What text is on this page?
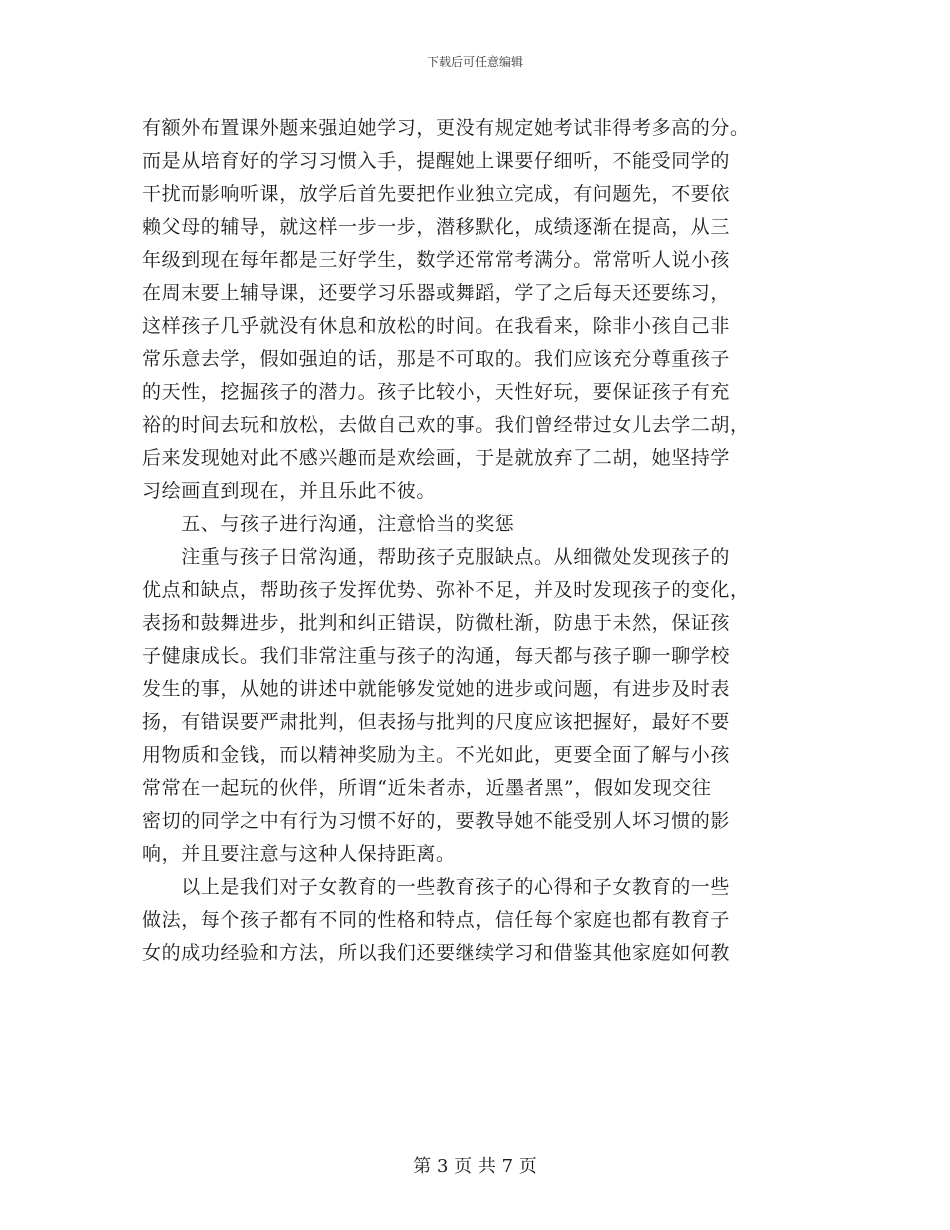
下载后可任意编辑
有额外布置课外题来强迫她学习，更没有规定她考试非得考多高的分。
而是从培育好的学习习惯入手，提醒她上课要仔细听，不能受同学的
干扰而影响听课，放学后首先要把作业独立完成，有问题先，不要依
赖父母的辅导，就这样一步一步，潜移默化，成绩逐渐在提高，从三
年级到现在每年都是三好学生，数学还常常考满分。常常听人说小孩
在周末要上辅导课，还要学习乐器或舞蹈，学了之后每天还要练习，
这样孩子几乎就没有休息和放松的时间。在我看来，除非小孩自己非
常乐意去学，假如强迫的话，那是不可取的。我们应该充分尊重孩子
的天性，挖掘孩子的潜力。孩子比较小，天性好玩，要保证孩子有充
裕的时间去玩和放松，去做自己欢的事。我们曾经带过女儿去学二胡，
后来发现她对此不感兴趣而是欢绘画，于是就放弃了二胡，她坚持学
习绘画直到现在，并且乐此不彼。
　　五、与孩子进行沟通，注意恰当的奖惩
　　注重与孩子日常沟通，帮助孩子克服缺点。从细微处发现孩子的
优点和缺点，帮助孩子发挥优势、弥补不足，并及时发现孩子的变化，
表扬和鼓舞进步，批判和纠正错误，防微杜渐，防患于未然，保证孩
子健康成长。我们非常注重与孩子的沟通，每天都与孩子聊一聊学校
发生的事，从她的讲述中就能够发觉她的进步或问题，有进步及时表
扬，有错误要严肃批判，但表扬与批判的尺度应该把握好，最好不要
用物质和金钱，而以精神奖励为主。不光如此，更要全面了解与小孩
常常在一起玩的伙伴，所谓“近朱者赤，近墨者黑”，假如发现交往
密切的同学之中有行为习惯不好的，要教导她不能受别人坏习惯的影
响，并且要注意与这种人保持距离。
　　以上是我们对子女教育的一些教育孩子的心得和子女教育的一些
做法，每个孩子都有不同的性格和特点，信任每个家庭也都有教育子
女的成功经验和方法，所以我们还要继续学习和借鉴其他家庭如何教
第 3 页 共 7 页
